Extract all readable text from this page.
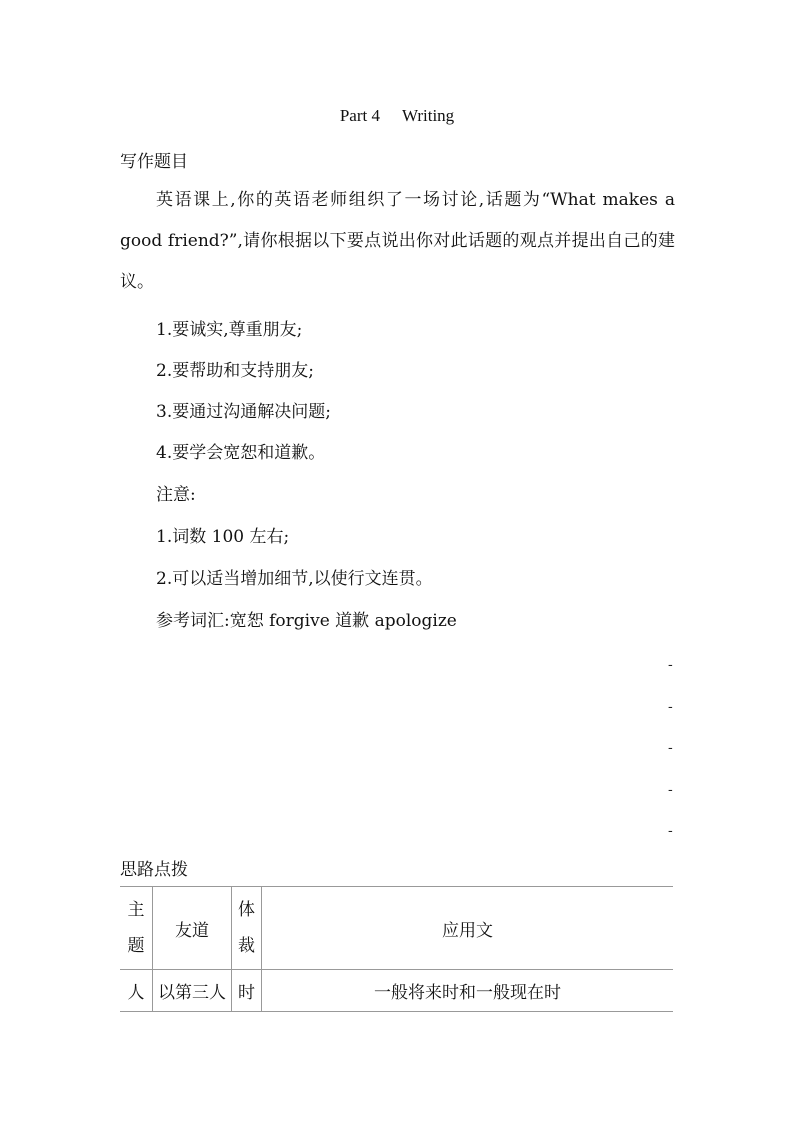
Part 4 Writing
写作题目
英语课上,你的英语老师组织了一场讨论,话题为“What makes a good friend?”,请你根据以下要点说出你对此话题的观点并提出自己的建议。
1.要诚实,尊重朋友;
2.要帮助和支持朋友;
3.要通过沟通解决问题;
4.要学会宽恕和道歉。
注意:
1.词数 100 左右;
2.可以适当增加细节,以使行文连贯。
参考词汇:宽恕 forgive 道歉 apologize
-
-
-
-
-
思路点拨
主题	友道	体裁	应用文
人	以第三人	时	一般将来时和一般现在时
